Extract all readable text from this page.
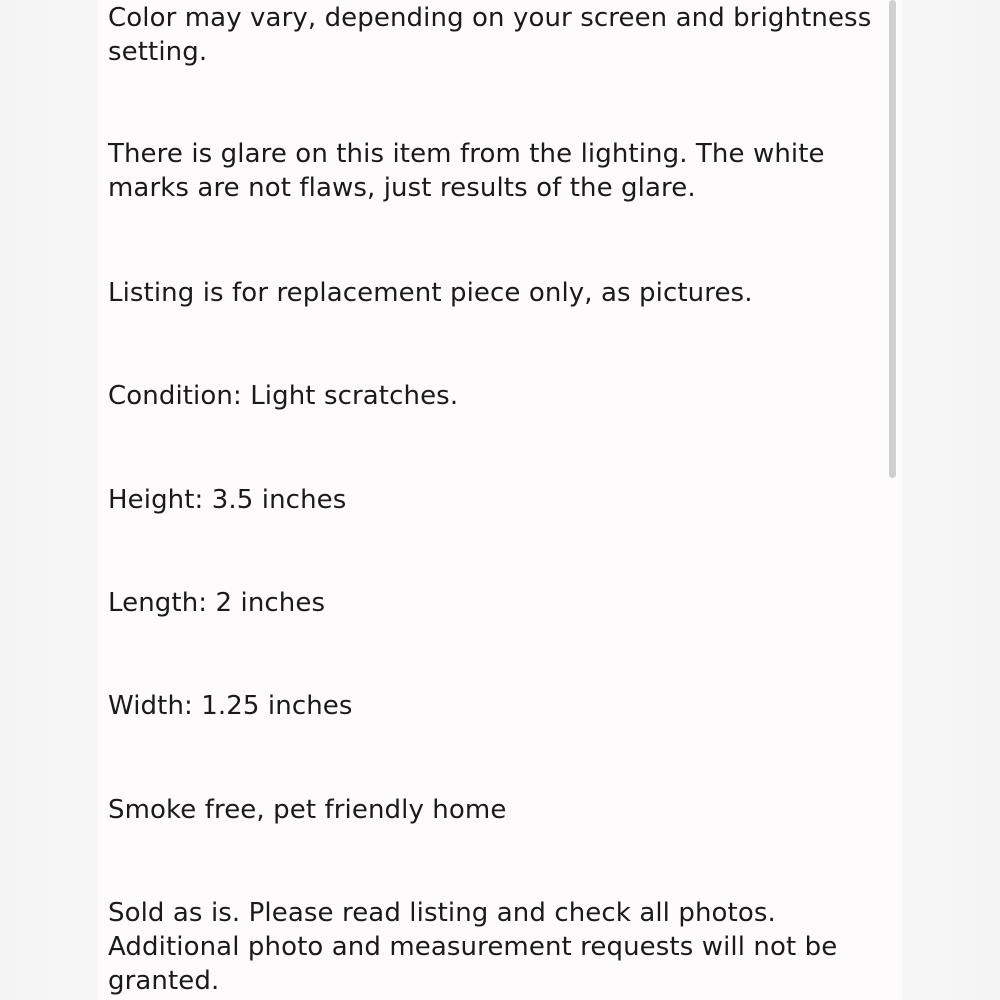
Color may vary, depending on your screen and brightness setting.

There is glare on this item from the lighting. The white marks are not flaws, just results of the glare.

Listing is for replacement piece only, as pictures.

Condition: Light scratches.

Height: 3.5 inches

Length: 2 inches

Width: 1.25 inches

Smoke free, pet friendly home

Sold as is. Please read listing and check all photos. Additional photo and measurement requests will not be granted.
